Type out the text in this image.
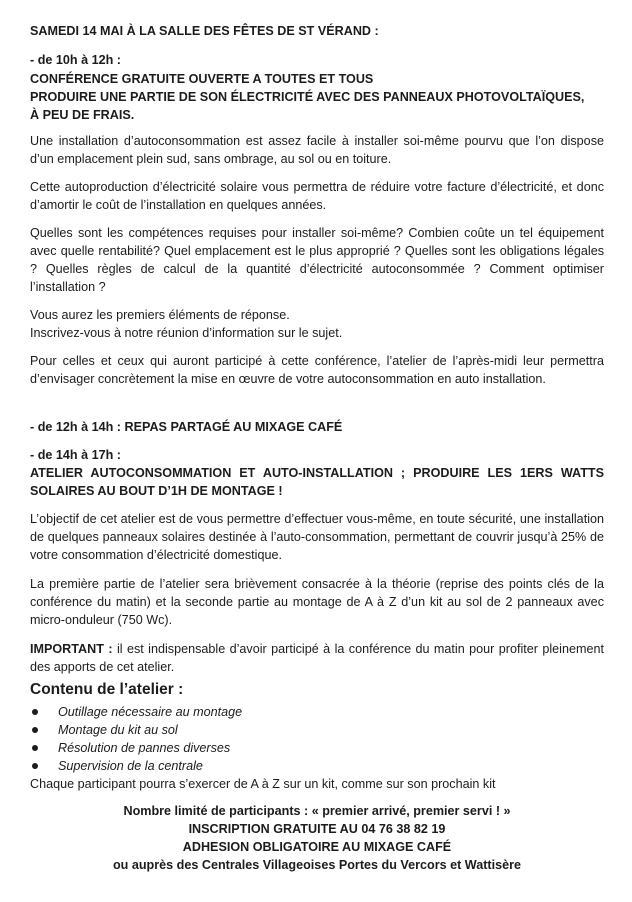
SAMEDI 14 MAI À LA SALLE DES FÊTES DE ST VÉRAND :

- de 10h à 12h :

CONFÉRENCE GRATUITE OUVERTE A TOUTES ET TOUS

PRODUIRE UNE PARTIE DE SON ÉLECTRICITÉ AVEC DES PANNEAUX PHOTOVOLTAÏQUES,

À PEU DE FRAIS.

Une installation d’autoconsommation est assez facile à installer soi-même pourvu que l’on dispose d’un emplacement plein sud, sans ombrage, au sol ou en toiture.

Cette autoproduction d’électricité solaire vous permettra de réduire votre facture d’électricité, et donc d’amortir le coût de l’installation en quelques années.

Quelles sont les compétences requises pour installer soi-même? Combien coûte un tel équipement avec quelle rentabilité? Quel emplacement est le plus approprié ? Quelles sont les obligations légales ? Quelles règles de calcul de la quantité d’électricité autoconsommée ? Comment optimiser l’installation ?

Vous aurez les premiers éléments de réponse.

Inscrivez-vous à notre réunion d’information sur le sujet.

Pour celles et ceux qui auront participé à cette conférence, l’atelier de l’après-midi leur permettra d’envisager concrètement la mise en œuvre de votre autoconsommation en auto installation.

- de 12h à 14h : REPAS PARTAGÉ AU MIXAGE CAFÉ

- de 14h à 17h :

ATELIER AUTOCONSOMMATION ET AUTO-INSTALLATION ; PRODUIRE LES 1ERS WATTS SOLAIRES AU BOUT D’1H DE MONTAGE !

L’objectif de cet atelier est de vous permettre d’effectuer vous-même, en toute sécurité, une installation de quelques panneaux solaires destinée à l’auto-consommation, permettant de couvrir jusqu’à 25% de votre consommation d’électricité domestique.

La première partie de l’atelier sera brièvement consacrée à la théorie (reprise des points clés de la conférence du matin) et la seconde partie au montage de A à Z d’un kit au sol de 2 panneaux avec micro-onduleur (750 Wc).

IMPORTANT : il est indispensable d’avoir participé à la conférence du matin pour profiter pleinement des apports de cet atelier.

Contenu de l’atelier :

Outillage nécessaire au montage
Montage du kit au sol
Résolution de pannes diverses
Supervision de la centrale

Chaque participant pourra s’exercer de A à Z sur un kit, comme sur son prochain kit

Nombre limité de participants : « premier arrivé, premier servi ! »

INSCRIPTION GRATUITE AU 04 76 38 82 19

ADHESION OBLIGATOIRE AU MIXAGE CAFÉ

ou auprès des Centrales Villageoises Portes du Vercors et Wattisère
